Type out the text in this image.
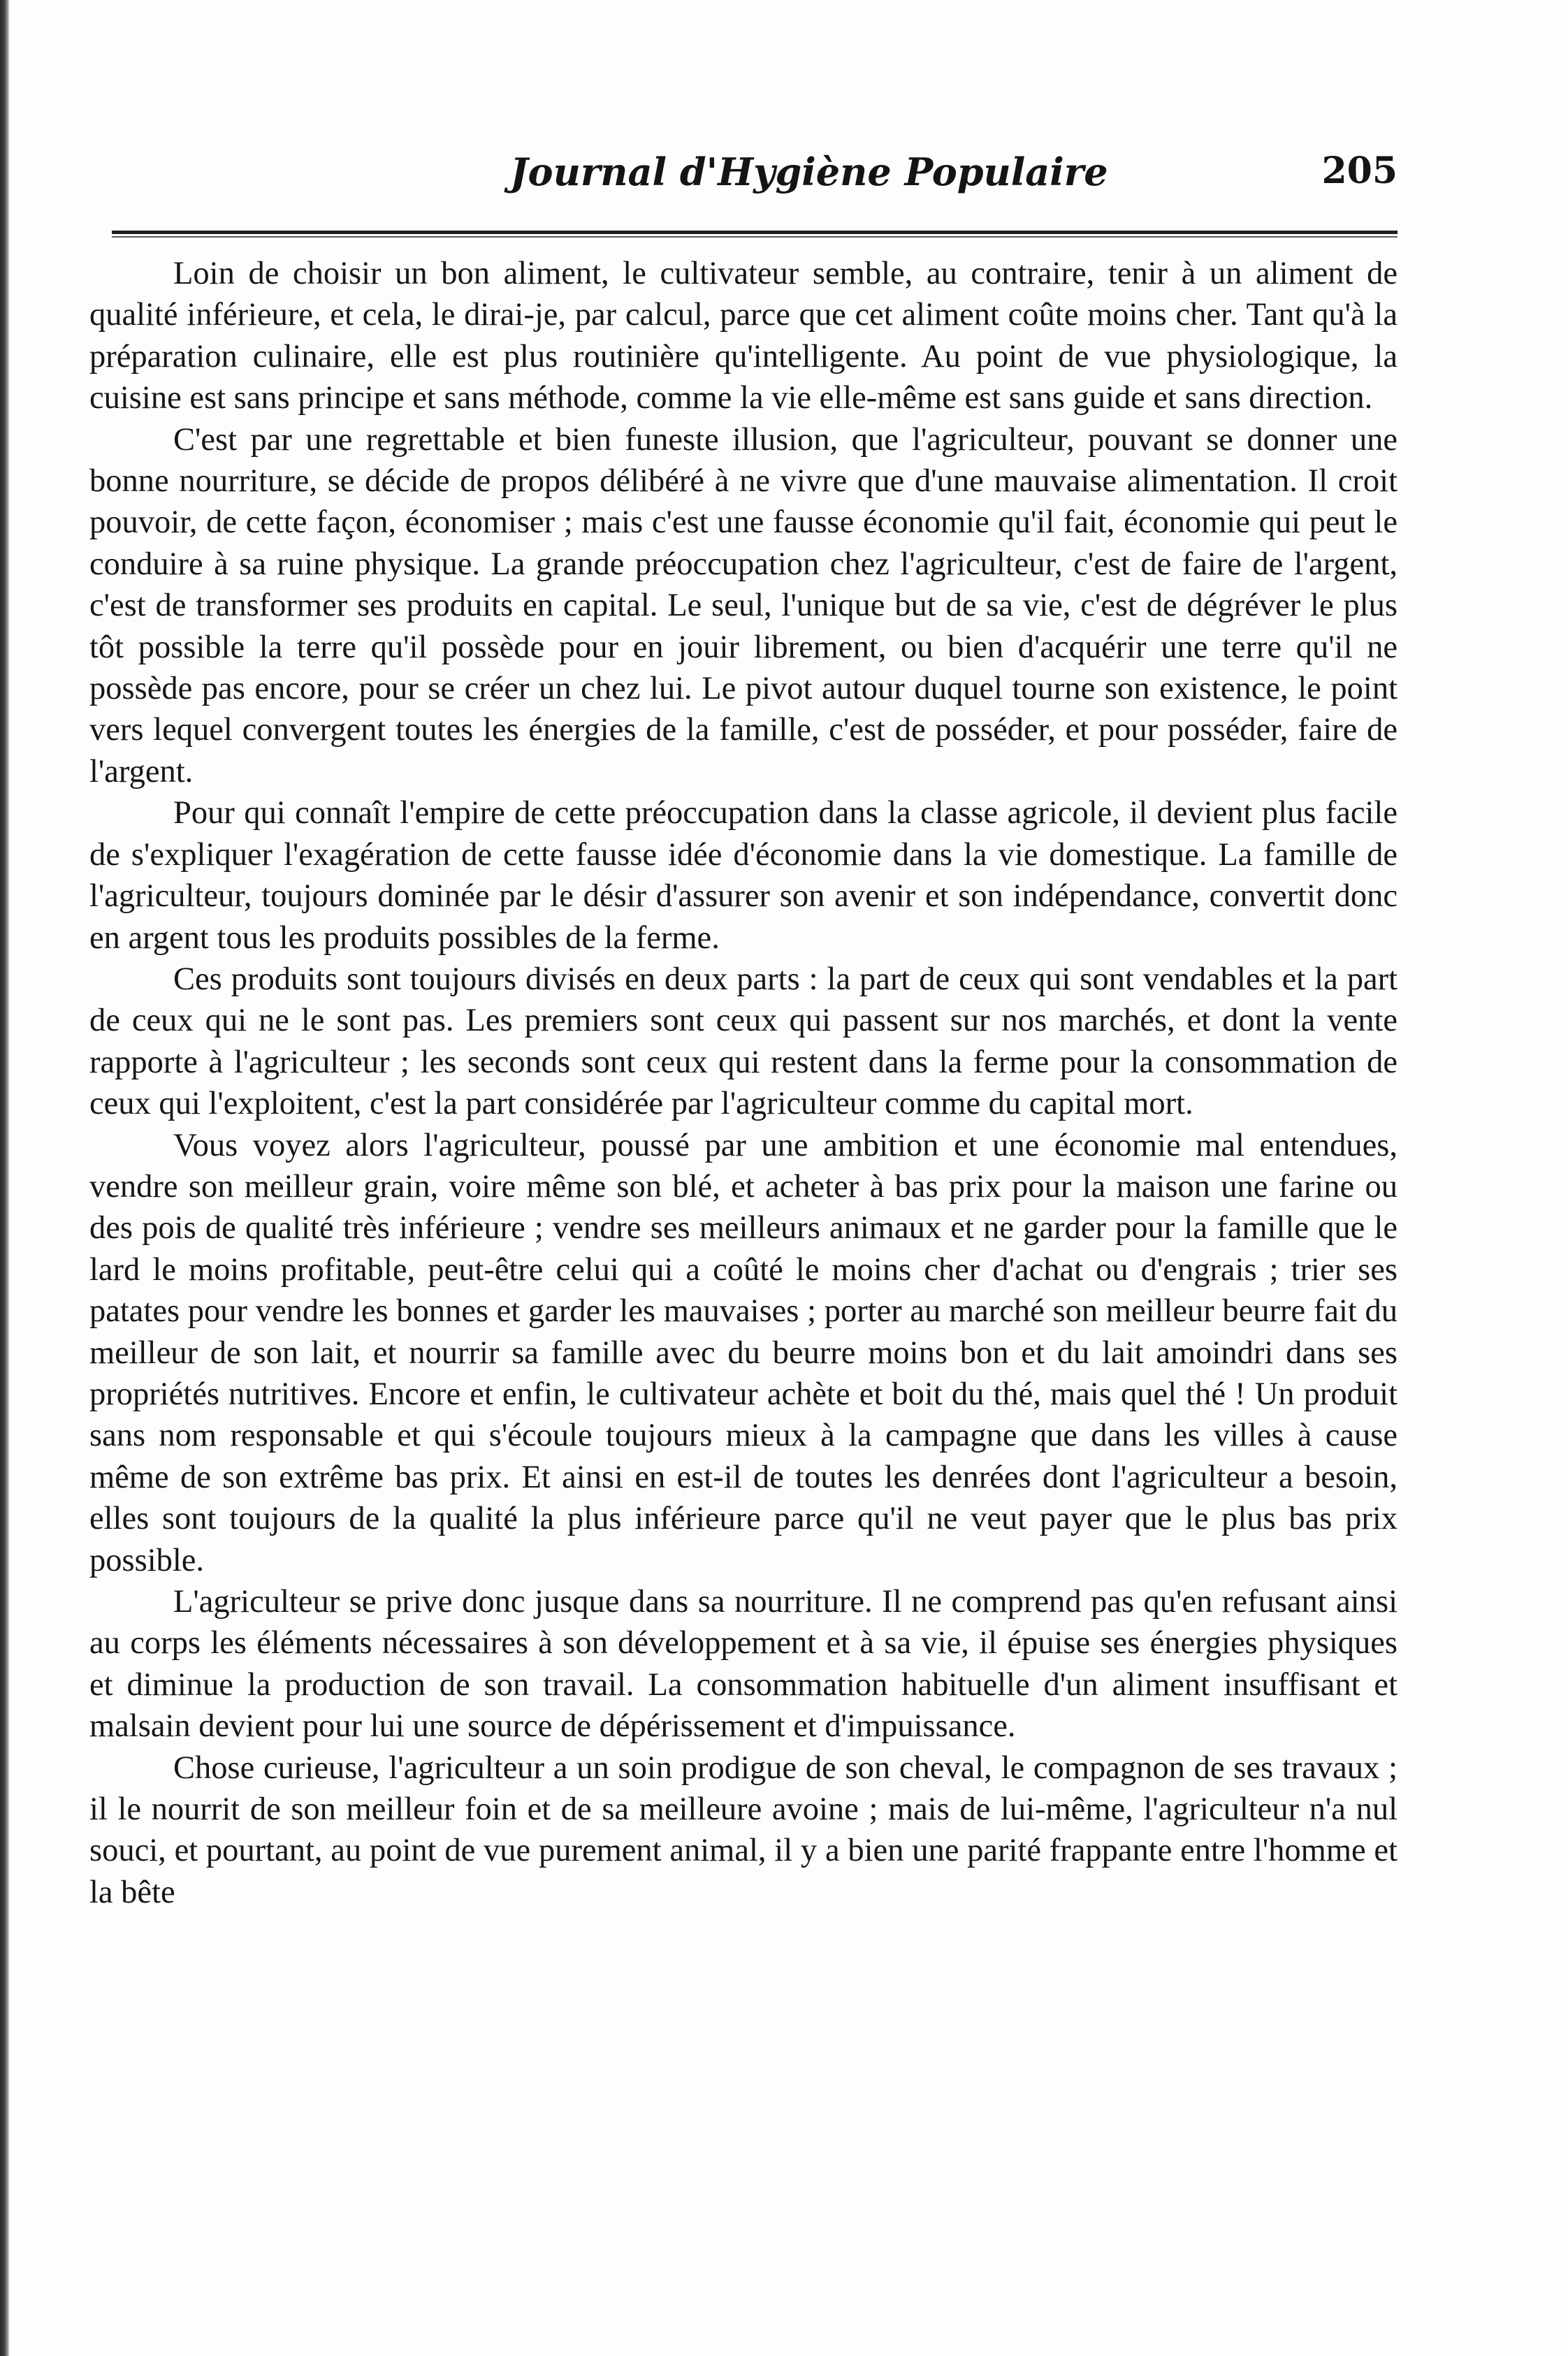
Journal d'Hygiène Populaire	205

Loin de choisir un bon aliment, le cultivateur semble, au contraire, tenir à un aliment de qualité inférieure, et cela, le dirai-je, par calcul, parce que cet aliment coûte moins cher. Tant qu'à la préparation culinaire, elle est plus routinière qu'intelligente. Au point de vue physiologique, la cuisine est sans principe et sans méthode, comme la vie elle-même est sans guide et sans direction.

C'est par une regrettable et bien funeste illusion, que l'agriculteur, pouvant se donner une bonne nourriture, se décide de propos délibéré à ne vivre que d'une mauvaise alimentation. Il croit pouvoir, de cette façon, économiser ; mais c'est une fausse économie qu'il fait, économie qui peut le conduire à sa ruine physique. La grande préoccupation chez l'agriculteur, c'est de faire de l'argent, c'est de transformer ses produits en capital. Le seul, l'unique but de sa vie, c'est de dégréver le plus tôt possible la terre qu'il possède pour en jouir librement, ou bien d'acquérir une terre qu'il ne possède pas encore, pour se créer un chez lui. Le pivot autour duquel tourne son existence, le point vers lequel convergent toutes les énergies de la famille, c'est de posséder, et pour posséder, faire de l'argent.

Pour qui connaît l'empire de cette préoccupation dans la classe agricole, il devient plus facile de s'expliquer l'exagération de cette fausse idée d'économie dans la vie domestique. La famille de l'agriculteur, toujours dominée par le désir d'assurer son avenir et son indépendance, convertit donc en argent tous les produits possibles de la ferme.

Ces produits sont toujours divisés en deux parts : la part de ceux qui sont vendables et la part de ceux qui ne le sont pas. Les premiers sont ceux qui passent sur nos marchés, et dont la vente rapporte à l'agriculteur ; les seconds sont ceux qui restent dans la ferme pour la consommation de ceux qui l'exploitent, c'est la part considérée par l'agriculteur comme du capital mort.

Vous voyez alors l'agriculteur, poussé par une ambition et une économie mal entendues, vendre son meilleur grain, voire même son blé, et acheter à bas prix pour la maison une farine ou des pois de qualité très inférieure ; vendre ses meilleurs animaux et ne garder pour la famille que le lard le moins profitable, peut-être celui qui a coûté le moins cher d'achat ou d'engrais ; trier ses patates pour vendre les bonnes et garder les mauvaises ; porter au marché son meilleur beurre fait du meilleur de son lait, et nourrir sa famille avec du beurre moins bon et du lait amoindri dans ses propriétés nutritives. Encore et enfin, le cultivateur achète et boit du thé, mais quel thé ! Un produit sans nom responsable et qui s'écoule toujours mieux à la campagne que dans les villes à cause même de son extrême bas prix. Et ainsi en est-il de toutes les denrées dont l'agriculteur a besoin, elles sont toujours de la qualité la plus inférieure parce qu'il ne veut payer que le plus bas prix possible.

L'agriculteur se prive donc jusque dans sa nourriture. Il ne comprend pas qu'en refusant ainsi au corps les éléments nécessaires à son développement et à sa vie, il épuise ses énergies physiques et diminue la production de son travail. La consommation habituelle d'un aliment insuffisant et malsain devient pour lui une source de dépérissement et d'impuissance.

Chose curieuse, l'agriculteur a un soin prodigue de son cheval, le compagnon de ses travaux ; il le nourrit de son meilleur foin et de sa meilleure avoine ; mais de lui-même, l'agriculteur n'a nul souci, et pourtant, au point de vue purement animal, il y a bien une parité frappante entre l'homme et la bête
